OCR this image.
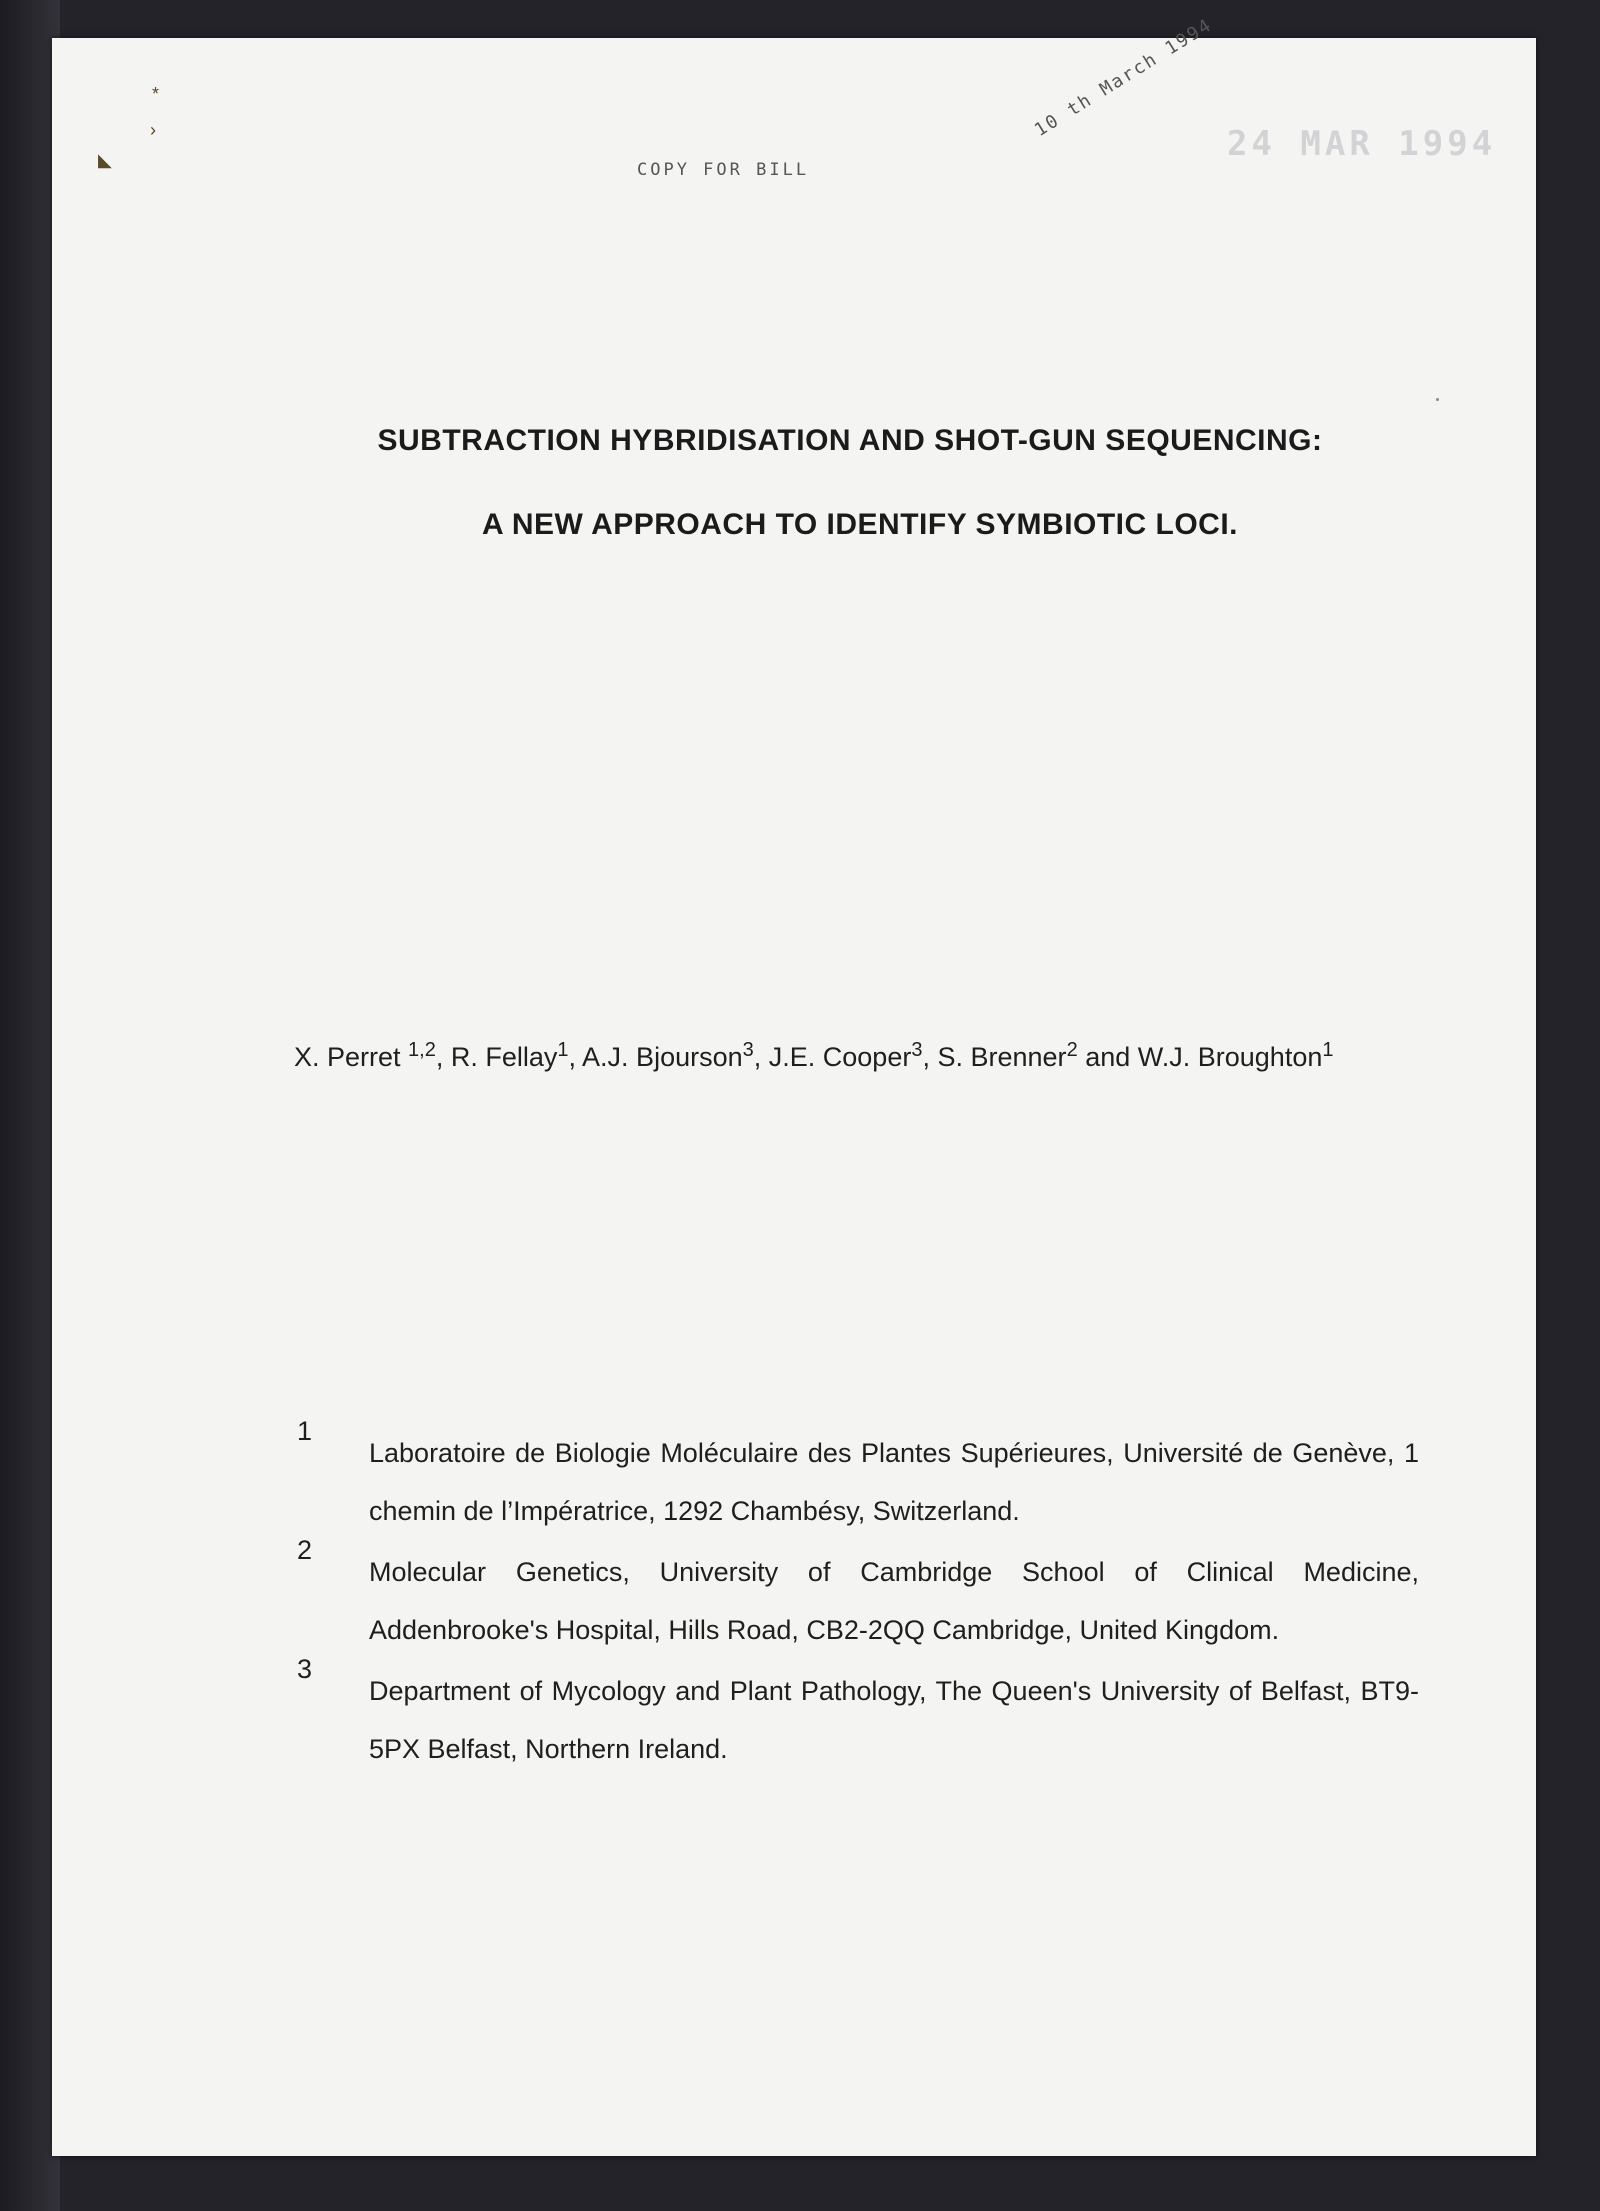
*
›
◣	COPY FOR BILL
10 th March 1994
24 MAR 1994
SUBTRACTION HYBRIDISATION AND SHOT-GUN SEQUENCING:
A NEW APPROACH TO IDENTIFY SYMBIOTIC LOCI.
X. Perret $^{1,2}$, R. Fellay$^1$, A.J. Bjourson$^3$, J.E. Cooper$^3$, S. Brenner$^2$ and W.J. Broughton$^1$
1
Laboratoire de Biologie Moléculaire des Plantes Supérieures, Université de Genève, 1 chemin de l’Impératrice, 1292 Chambésy, Switzerland.
2
Molecular Genetics, University of Cambridge School of Clinical Medicine, Addenbrooke's Hospital, Hills Road, CB2-2QQ Cambridge, United Kingdom.
3
Department of Mycology and Plant Pathology, The Queen's University of Belfast, BT9-5PX Belfast, Northern Ireland.
